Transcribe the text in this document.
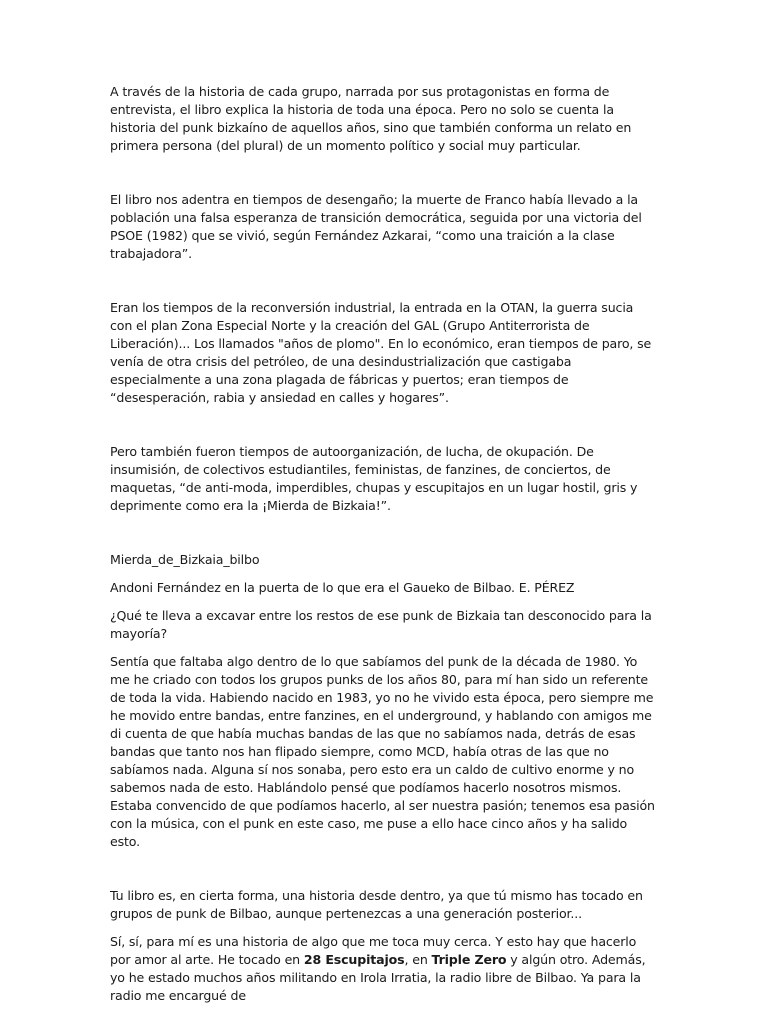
A través de la historia de cada grupo, narrada por sus protagonistas en forma de entrevista, el libro explica la historia de toda una época. Pero no solo se cuenta la historia del punk bizkaíno de aquellos años, sino que también conforma un relato en primera persona (del plural) de un momento político y social muy particular.

El libro nos adentra en tiempos de desengaño; la muerte de Franco había llevado a la población una falsa esperanza de transición democrática, seguida por una victoria del PSOE (1982) que se vivió, según Fernández Azkarai, “como una traición a la clase trabajadora”.

Eran los tiempos de la reconversión industrial, la entrada en la OTAN, la guerra sucia con el plan Zona Especial Norte y la creación del GAL (Grupo Antiterrorista de Liberación)... Los llamados "años de plomo". En lo económico, eran tiempos de paro, se venía de otra crisis del petróleo, de una desindustrialización que castigaba especialmente a una zona plagada de fábricas y puertos; eran tiempos de “desesperación, rabia y ansiedad en calles y hogares”.

Pero también fueron tiempos de autoorganización, de lucha, de okupación. De insumisión, de colectivos estudiantiles, feministas, de fanzines, de conciertos, de maquetas, “de anti-moda, imperdibles, chupas y escupitajos en un lugar hostil, gris y deprimente como era la ¡Mierda de Bizkaia!”.

Mierda_de_Bizkaia_bilbo

Andoni Fernández en la puerta de lo que era el Gaueko de Bilbao. E. PÉREZ

¿Qué te lleva a excavar entre los restos de ese punk de Bizkaia tan desconocido para la mayoría?

Sentía que faltaba algo dentro de lo que sabíamos del punk de la década de 1980. Yo me he criado con todos los grupos punks de los años 80, para mí han sido un referente de toda la vida. Habiendo nacido en 1983, yo no he vivido esta época, pero siempre me he movido entre bandas, entre fanzines, en el underground, y hablando con amigos me di cuenta de que había muchas bandas de las que no sabíamos nada, detrás de esas bandas que tanto nos han flipado siempre, como MCD, había otras de las que no sabíamos nada. Alguna sí nos sonaba, pero esto era un caldo de cultivo enorme y no sabemos nada de esto. Hablándolo pensé que podíamos hacerlo nosotros mismos. Estaba convencido de que podíamos hacerlo, al ser nuestra pasión; tenemos esa pasión con la música, con el punk en este caso, me puse a ello hace cinco años y ha salido esto.

Tu libro es, en cierta forma, una historia desde dentro, ya que tú mismo has tocado en grupos de punk de Bilbao, aunque pertenezcas a una generación posterior...

Sí, sí, para mí es una historia de algo que me toca muy cerca. Y esto hay que hacerlo por amor al arte. He tocado en 28 Escupitajos, en Triple Zero y algún otro. Además, yo he estado muchos años militando en Irola Irratia, la radio libre de Bilbao. Ya para la radio me encargué de
